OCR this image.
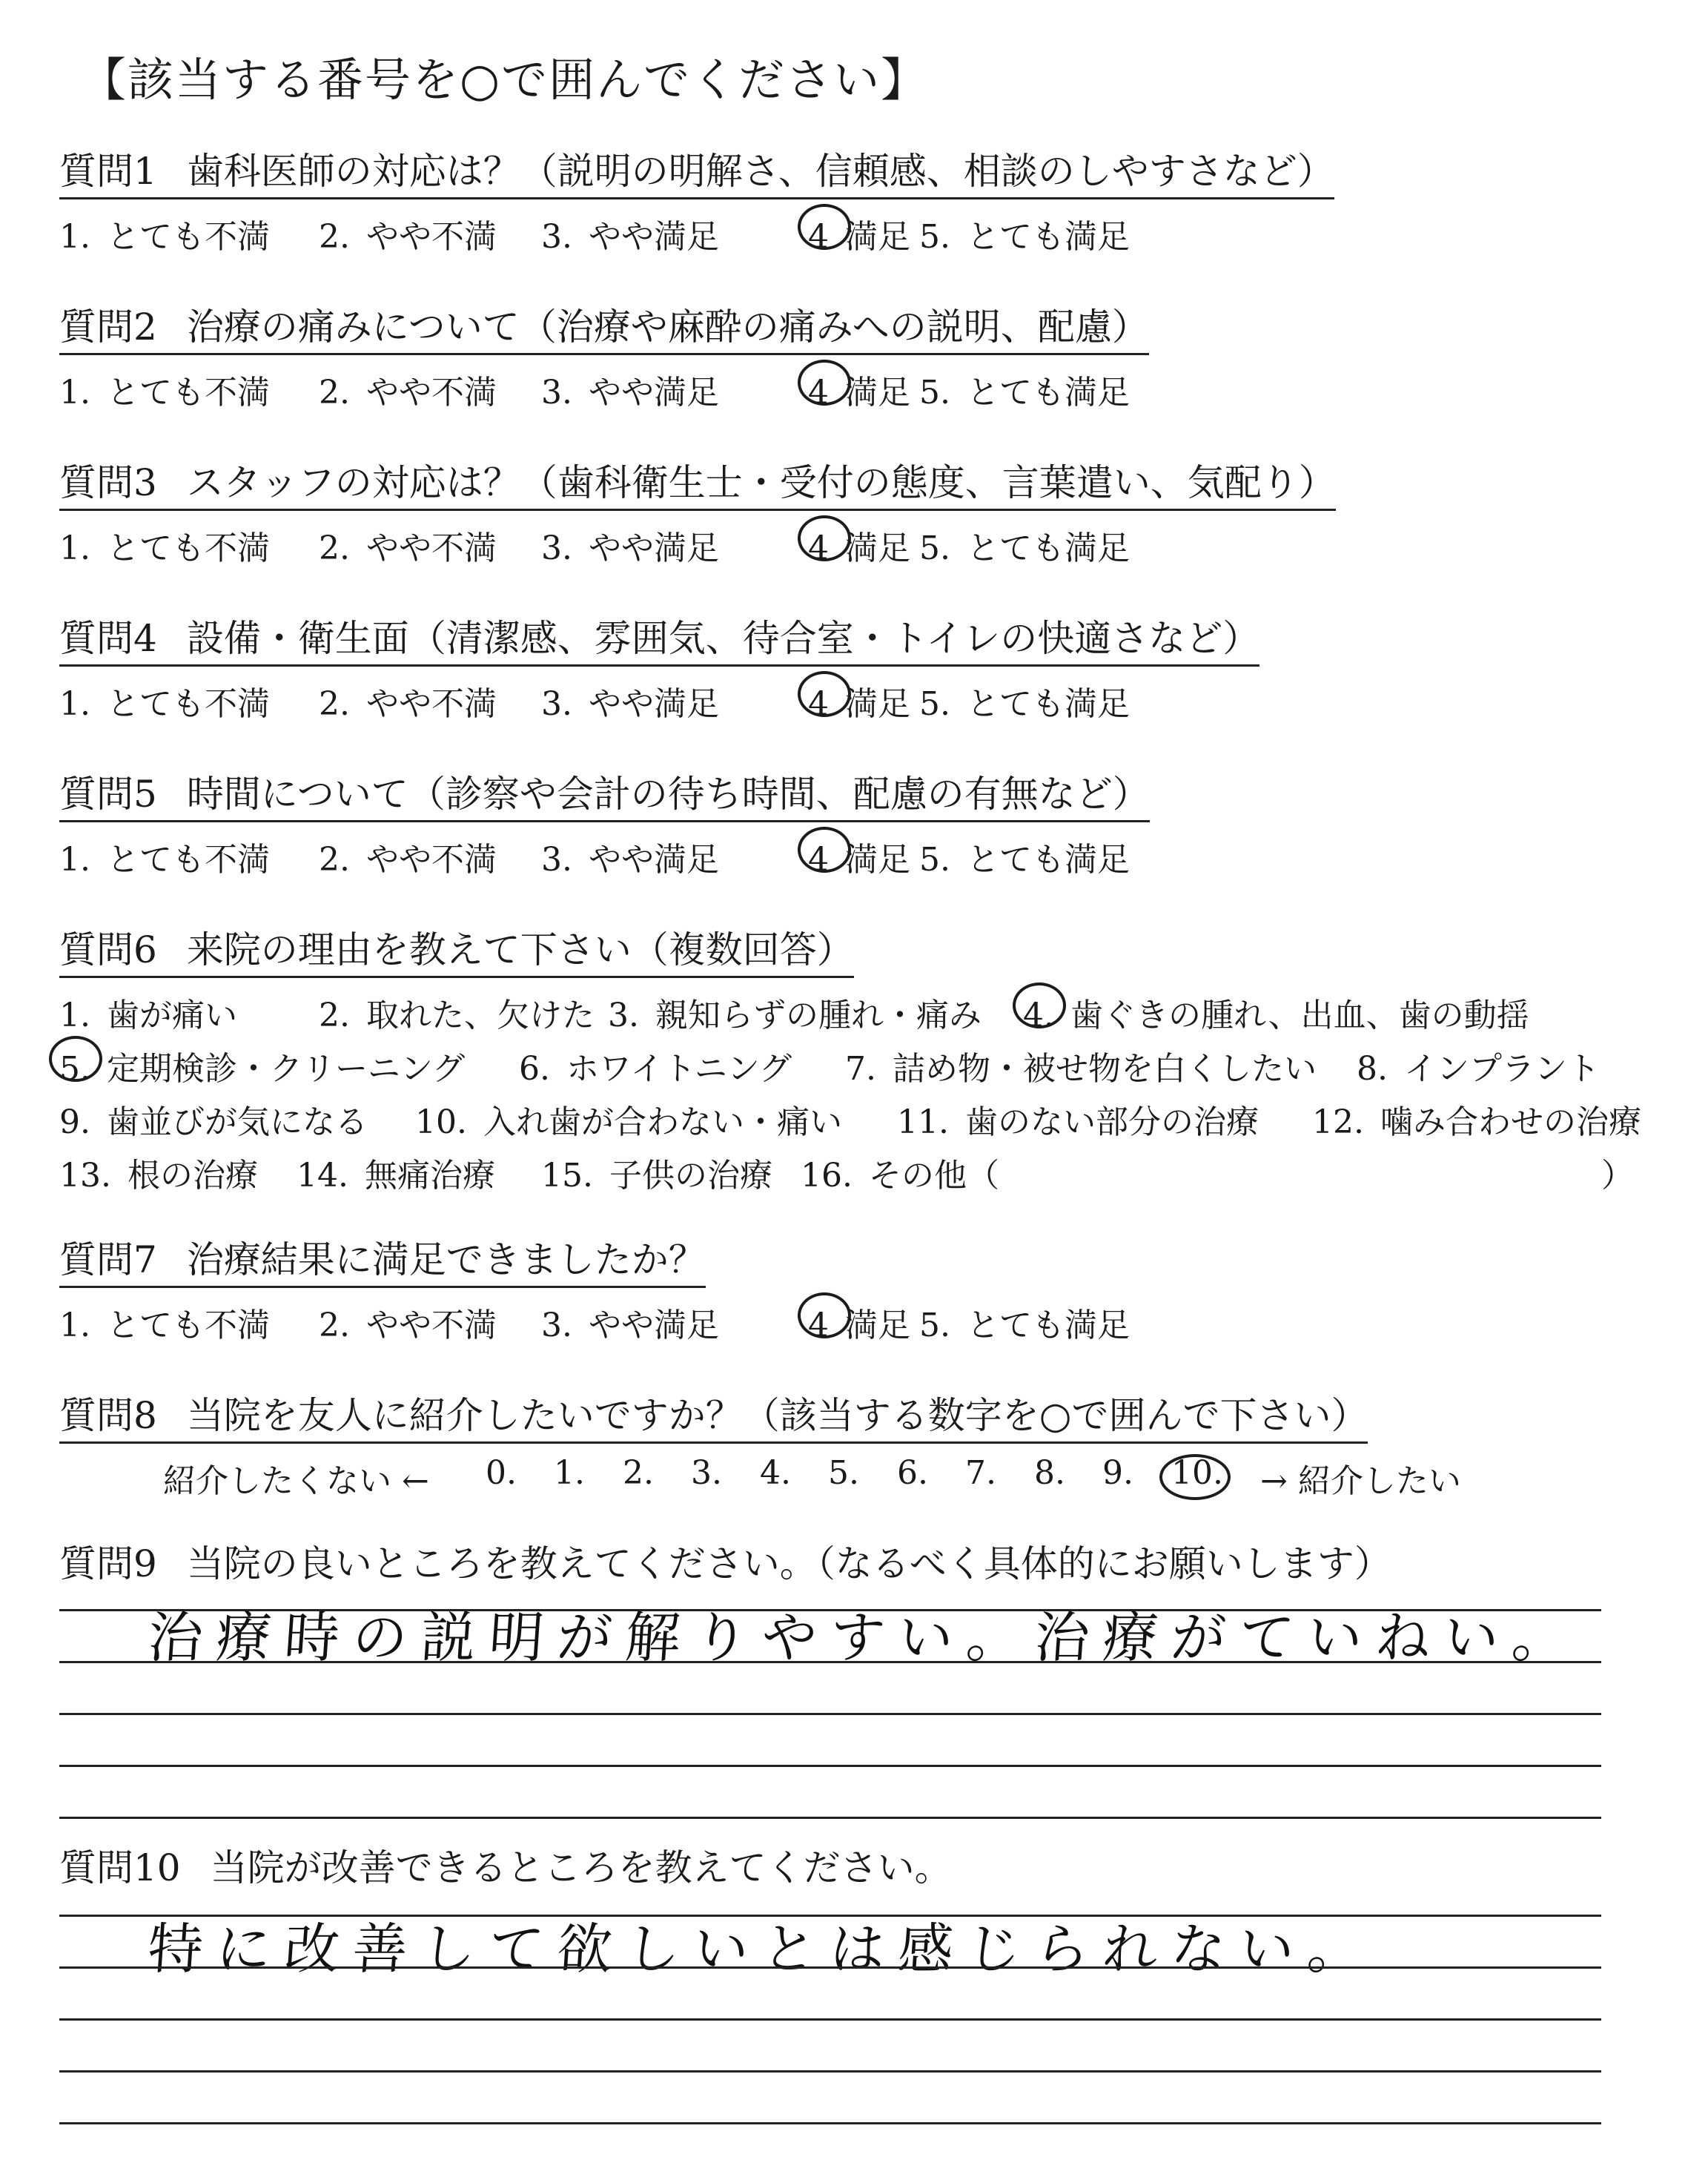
【該当する番号を○で囲んでください】
質問1 歯科医師の対応は？（説明の明解さ、信頼感、相談のしやすさなど）
1. とても不満 2. やや不満 3. やや満足	4 満足 5. とても満足
質問2 治療の痛みについて（治療や麻酔の痛みへの説明、配慮）
1. とても不満 2. やや不満 3. やや満足	4 満足 5. とても満足
質問3 スタッフの対応は？（歯科衛生士・受付の態度、言葉遣い、気配り）
1. とても不満 2. やや不満 3. やや満足	4 満足 5. とても満足
質問4 設備・衛生面（清潔感、雰囲気、待合室・トイレの快適さなど）
1. とても不満 2. やや不満 3. やや満足	4 満足 5. とても満足
質問5 時間について（診察や会計の待ち時間、配慮の有無など）
1. とても不満 2. やや不満 3. やや満足	4 満足 5. とても満足
質問6 来院の理由を教えて下さい（複数回答）
1. 歯が痛い	2. 取れた、欠けた 3. 親知らずの腫れ・痛み 4. 歯ぐきの腫れ、出血、歯の動揺
5. 定期検診・クリーニング 6. ホワイトニング 7. 詰め物・被せ物を白くしたい 8. インプラント
9. 歯並びが気になる 10. 入れ歯が合わない・痛い 11. 歯のない部分の治療 12. 噛み合わせの治療
13. 根の治療 14. 無痛治療 15. 子供の治療 16. その他（	）
質問7 治療結果に満足できましたか？
1. とても不満 2. やや不満 3. やや満足	4 満足 5. とても満足
質問8 当院を友人に紹介したいですか？（該当する数字を○で囲んで下さい）
紹介したくない ← 0. 1. 2. 3. 4. 5. 6. 7. 8. 9. 10. → 紹介したい
質問9 当院の良いところを教えてください。（なるべく具体的にお願いします）
治療時の説明が解りやすい。治療がていねい。
質問10 当院が改善できるところを教えてください。
特に改善して欲しいとは感じられない。
